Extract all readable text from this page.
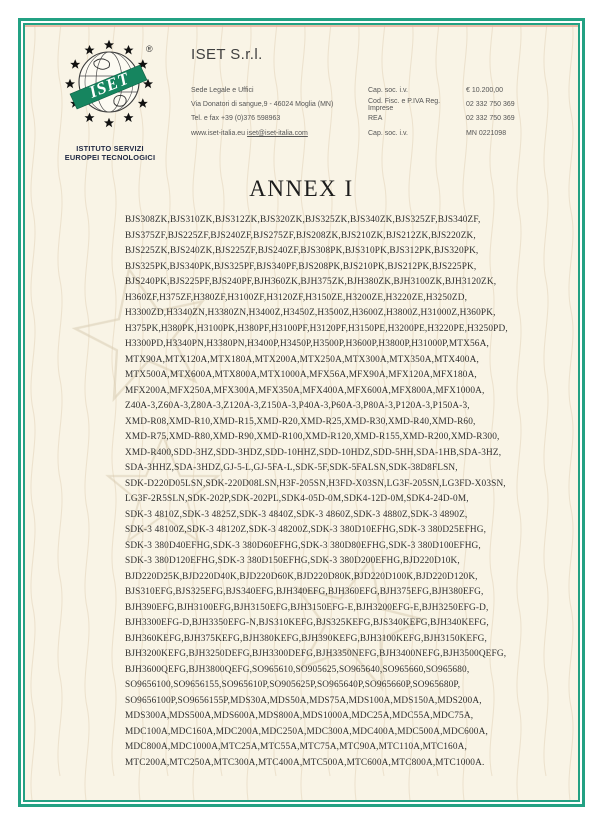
ISET
®
ISTITUTO SERVIZI
EUROPEI TECNOLOGICI
ISET S.r.l.
Sede Legale e Uffici	Cap. soc. i.v.	€ 10.200,00
Via Donatori di sangue,9 - 46024 Moglia (MN)	Cod. Fisc. e P.IVA Reg. Imprese	02 332 750 369
Tel. e fax +39 (0)376 598963	REA	02 332 750 369
www.iset-italia.eu iset@iset-italia.com	Cap. soc. i.v.	MN 0221098
ANNEX I
BJS308ZK,BJS310ZK,BJS312ZK,BJS320ZK,BJS325ZK,BJS340ZK,BJS325ZF,BJS340ZF,
BJS375ZF,BJS225ZF,BJS240ZF,BJS275ZF,BJS208ZK,BJS210ZK,BJS212ZK,BJS220ZK,
BJS225ZK,BJS240ZK,BJS225ZF,BJS240ZF,BJS308PK,BJS310PK,BJS312PK,BJS320PK,
BJS325PK,BJS340PK,BJS325PF,BJS340PF,BJS208PK,BJS210PK,BJS212PK,BJS225PK,
BJS240PK,BJS225PF,BJS240PF,BJH360ZK,BJH375ZK,BJH380ZK,BJH3100ZK,BJH3120ZK,
H360ZF,H375ZF,H380ZF,H3100ZF,H3120ZF,H3150ZE,H3200ZE,H3220ZE,H3250ZD,
H3300ZD,H3340ZN,H3380ZN,H3400Z,H3450Z,H3500Z,H3600Z,H3800Z,H31000Z,H360PK,
H375PK,H380PK,H3100PK,H380PF,H3100PF,H3120PF,H3150PE,H3200PE,H3220PE,H3250PD,
H3300PD,H3340PN,H3380PN,H3400P,H3450P,H3500P,H3600P,H3800P,H31000P,MTX56A,
MTX90A,MTX120A,MTX180A,MTX200A,MTX250A,MTX300A,MTX350A,MTX400A,
MTX500A,MTX600A,MTX800A,MTX1000A,MFX56A,MFX90A,MFX120A,MFX180A,
MFX200A,MFX250A,MFX300A,MFX350A,MFX400A,MFX600A,MFX800A,MFX1000A,
Z40A-3,Z60A-3,Z80A-3,Z120A-3,Z150A-3,P40A-3,P60A-3,P80A-3,P120A-3,P150A-3,
XMD-R08,XMD-R10,XMD-R15,XMD-R20,XMD-R25,XMD-R30,XMD-R40,XMD-R60,
XMD-R75,XMD-R80,XMD-R90,XMD-R100,XMD-R120,XMD-R155,XMD-R200,XMD-R300,
XMD-R400,SDD-3HZ,SDD-3HDZ,SDD-10HHZ,SDD-10HDZ,SDD-5HH,SDA-1HB,SDA-3HZ,
SDA-3HHZ,SDA-3HDZ,GJ-5-L,GJ-5FA-L,SDK-5F,SDK-5FALSN,SDK-38D8FLSN,
SDK-D220D05LSN,SDK-220D08LSN,H3F-205SN,H3FD-X03SN,LG3F-205SN,LG3FD-X03SN,
LG3F-2R5SLN,SDK-202P,SDK-202PL,SDK4-05D-0M,SDK4-12D-0M,SDK4-24D-0M,
SDK-3 4810Z,SDK-3 4825Z,SDK-3 4840Z,SDK-3 4860Z,SDK-3 4880Z,SDK-3 4890Z,
SDK-3 48100Z,SDK-3 48120Z,SDK-3 48200Z,SDK-3 380D10EFHG,SDK-3 380D25EFHG,
SDK-3 380D40EFHG,SDK-3 380D60EFHG,SDK-3 380D80EFHG,SDK-3 380D100EFHG,
SDK-3 380D120EFHG,SDK-3 380D150EFHG,SDK-3 380D200EFHG,BJD220D10K,
BJD220D25K,BJD220D40K,BJD220D60K,BJD220D80K,BJD220D100K,BJD220D120K,
BJS310EFG,BJS325EFG,BJS340EFG,BJH340EFG,BJH360EFG,BJH375EFG,BJH380EFG,
BJH390EFG,BJH3100EFG,BJH3150EFG,BJH3150EFG-E,BJH3200EFG-E,BJH3250EFG-D,
BJH3300EFG-D,BJH3350EFG-N,BJS310KEFG,BJS325KEFG,BJS340KEFG,BJH340KEFG,
BJH360KEFG,BJH375KEFG,BJH380KEFG,BJH390KEFG,BJH3100KEFG,BJH3150KEFG,
BJH3200KEFG,BJH3250DEFG,BJH3300DEFG,BJH3350NEFG,BJH3400NEFG,BJH3500QEFG,
BJH3600QEFG,BJH3800QEFG,SO965610,SO905625,SO965640,SO965660,SO965680,
SO9656100,SO9656155,SO965610P,SO905625P,SO965640P,SO965660P,SO965680P,
SO9656100P,SO9656155P,MDS30A,MDS50A,MDS75A,MDS100A,MDS150A,MDS200A,
MDS300A,MDS500A,MDS600A,MDS800A,MDS1000A,MDC25A,MDC55A,MDC75A,
MDC100A,MDC160A,MDC200A,MDC250A,MDC300A,MDC400A,MDC500A,MDC600A,
MDC800A,MDC1000A,MTC25A,MTC55A,MTC75A,MTC90A,MTC110A,MTC160A,
MTC200A,MTC250A,MTC300A,MTC400A,MTC500A,MTC600A,MTC800A,MTC1000A.
